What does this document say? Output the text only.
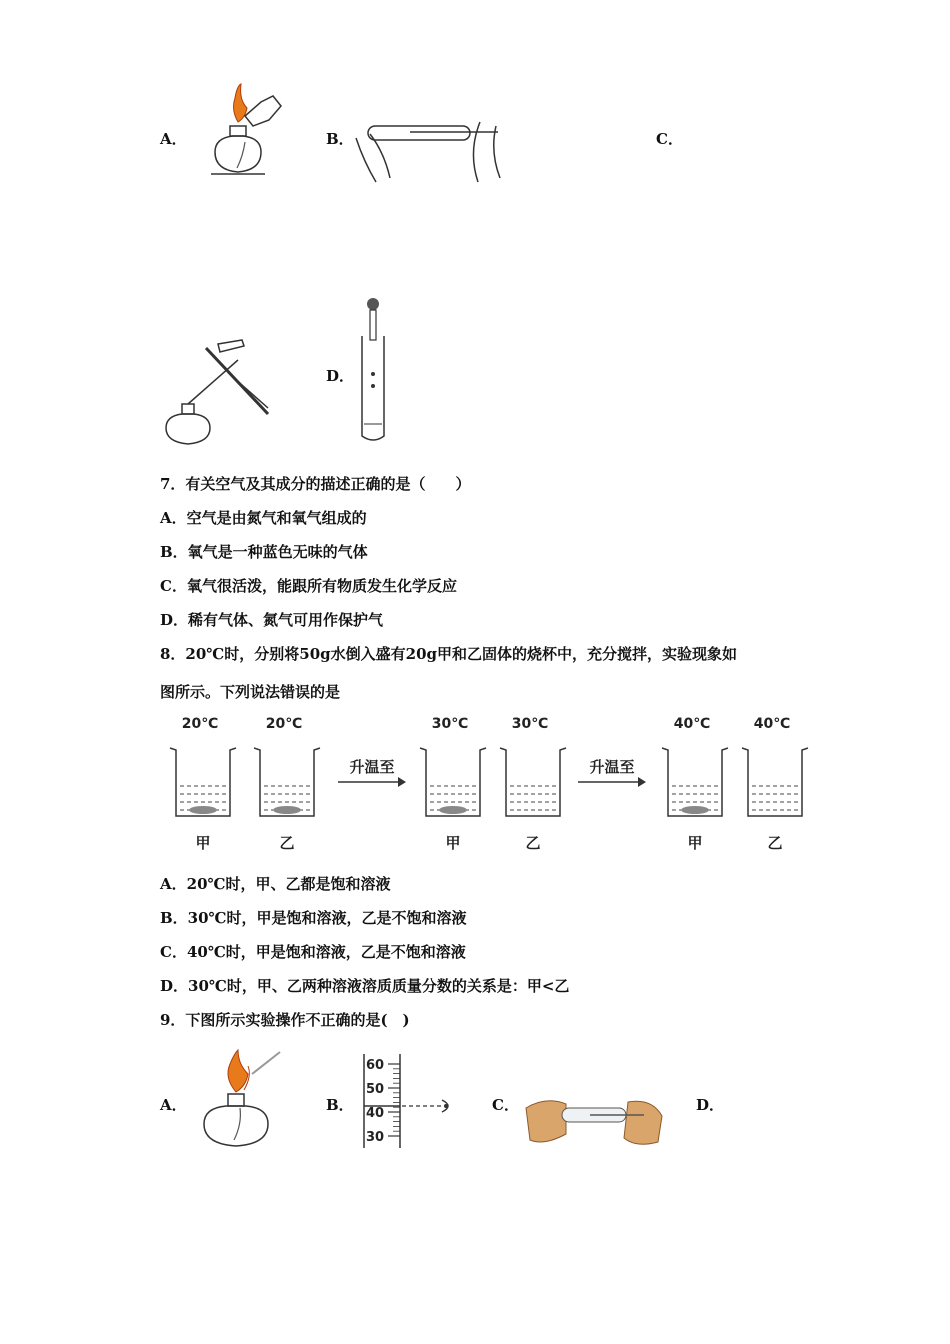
A．	B．	C．
D．
7．有关空气及其成分的描述正确的是（　　）
A．空气是由氮气和氧气组成的
B．氧气是一种蓝色无味的气体
C．氧气很活泼，能跟所有物质发生化学反应
D．稀有气体、氮气可用作保护气
8．20℃时，分别将50g水倒入盛有20g甲和乙固体的烧杯中，充分搅拌，实验现象如
图所示。下列说法错误的是
20℃
甲
20℃
乙
30℃
甲
30℃
乙
40℃
甲
40℃
乙
升温至	升温至
A．20℃时，甲、乙都是饱和溶液
B．30℃时，甲是饱和溶液，乙是不饱和溶液
C．40℃时，甲是饱和溶液，乙是不饱和溶液
D．30℃时，甲、乙两种溶液溶质质量分数的关系是：甲<乙
9．下图所示实验操作不正确的是(　)
A．	B．
60
50
40
30
C．	D．
